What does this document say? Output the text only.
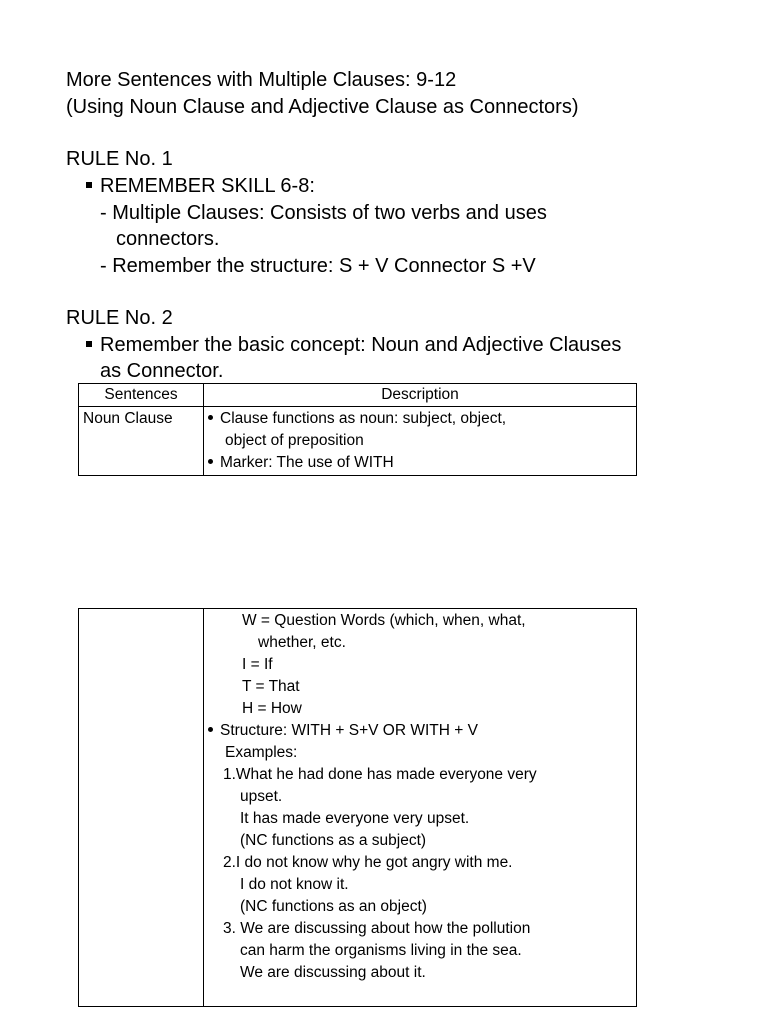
More Sentences with Multiple Clauses: 9-12
(Using Noun Clause and Adjective Clause as Connectors)
RULE No. 1
REMEMBER SKILL 6-8:
- Multiple Clauses: Consists of two verbs and uses
connectors.
- Remember the structure: S + V Connector S +V
RULE No. 2
Remember the basic concept: Noun and Adjective Clauses
as Connector.
Sentences	Description

Noun Clause	Clause functions as noun: subject, object,
object of preposition
Marker: The use of WITH

W = Question Words (which, when, what,
whether, etc.
I = If
T = That
H = How
Structure: WITH + S+V OR WITH + V
Examples:
1.What he had done has made everyone very
upset.
It has made everyone very upset.
(NC functions as a subject)
2.I do not know why he got angry with me.
I do not know it.
(NC functions as an object)
3. We are discussing about how the pollution
can harm the organisms living in the sea.
We are discussing about it.
